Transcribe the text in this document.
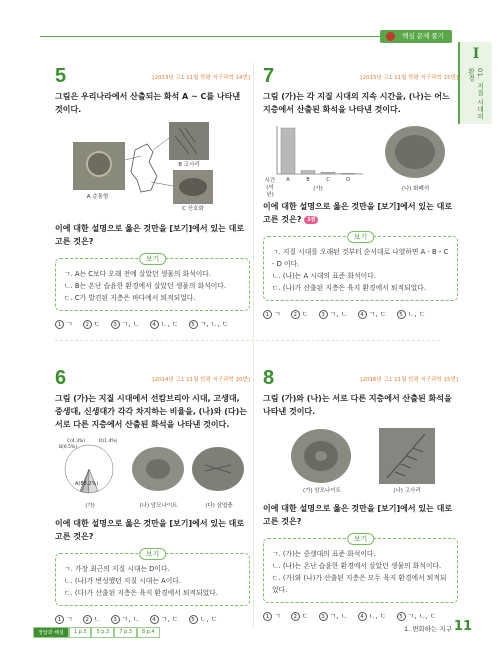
핵심 문제 풀기
I
01. 지질 시대의 환경
5	[2013년 고1 11월 학평 지구과학 14번]
그림은 우리나라에서 산출되는 화석 A ~ C를 나타낸 것이다.
A 층통형
B 고사리
C 산호화
이에 대한 설명으로 옳은 것만을 [보기]에서 있는 대로 고른 것은?
보기
ㄱ. A는 C보다 오래 전에 살았던 생물의 화석이다.
ㄴ. B는 온난 습윤한 환경에서 살았던 생물의 화석이다.
ㄷ. C가 발견된 지층은 바다에서 퇴적되었다.
1 ㄱ	2 ㄷ	3 ㄱ, ㄴ	4 ㄴ, ㄷ	5 ㄱ, ㄴ, ㄷ
7	[2015년 고1 11월 학평 지구과학 15번]
그림 (가)는 각 지질 시대의 지속 시간을, (나)는 어느 지층에서 산출된 화석을 나타낸 것이다.
A	B	C	D
시간(억 년)
(가)	(나) 화폐석
이에 대한 설명으로 옳은 것만을 [보기]에서 있는 대로 고른 것은? 3점
보기
ㄱ. 지질 시대를 오래된 것부터 순서대로 나열하면 A - B - C - D 이다.
ㄴ. (나)는 A 시대의 표준 화석이다.
ㄷ. (나)가 산출된 지층은 육지 환경에서 퇴적되었다.
1 ㄱ	2 ㄷ	3 ㄱ, ㄴ	4 ㄱ, ㄷ	5 ㄴ, ㄷ
6	[2014년 고1 11월 학평 지구과학 20번]
그림 (가)는 지질 시대에서 선캄브리아 시대, 고생대, 중생대, 신생대가 각각 차지하는 비율을, (나)와 (다)는 서로 다른 지층에서 산출된 화석을 나타낸 것이다.
A(88.2%)
B(6.5%)
C(4.3%)	D(1.4%)
(가)	(나) 암모나이트	(다) 삼엽충
이에 대한 설명으로 옳은 것만을 [보기]에서 있는 대로 고른 것은?
보기
ㄱ. 가장 최근의 지질 시대는 D이다.
ㄴ. (나)가 번성했던 지질 시대는 A이다.
ㄷ. (다)가 산출된 지층은 육지 환경에서 퇴적되었다.
1 ㄱ	2 ㄴ	3 ㄱ, ㄴ	4 ㄱ, ㄷ	5 ㄴ, ㄷ
8	[2016년 고1 11월 학평 지구과학 15번]
그림 (가)와 (나)는 서로 다른 지층에서 산출된 화석을 나타낸 것이다.
(가) 암모나이트	(나) 고사리
이에 대한 설명으로 옳은 것만을 [보기]에서 있는 대로 고른 것은?
보기
ㄱ. (가)는 중생대의 표준 화석이다.
ㄴ. (나)는 온난 습윤한 환경에서 살았던 생물의 화석이다.
ㄷ. (가)와 (나)가 산출된 지층은 모두 육지 환경에서 퇴적되었다.
1 ㄱ	2 ㄷ	3 ㄱ, ㄴ	4 ㄴ, ㄷ	5 ㄱ, ㄴ, ㄷ
정답과 해설	1 p.3	5 p.3	7 p.3	8 p.4	1. 변화하는 지구 11
